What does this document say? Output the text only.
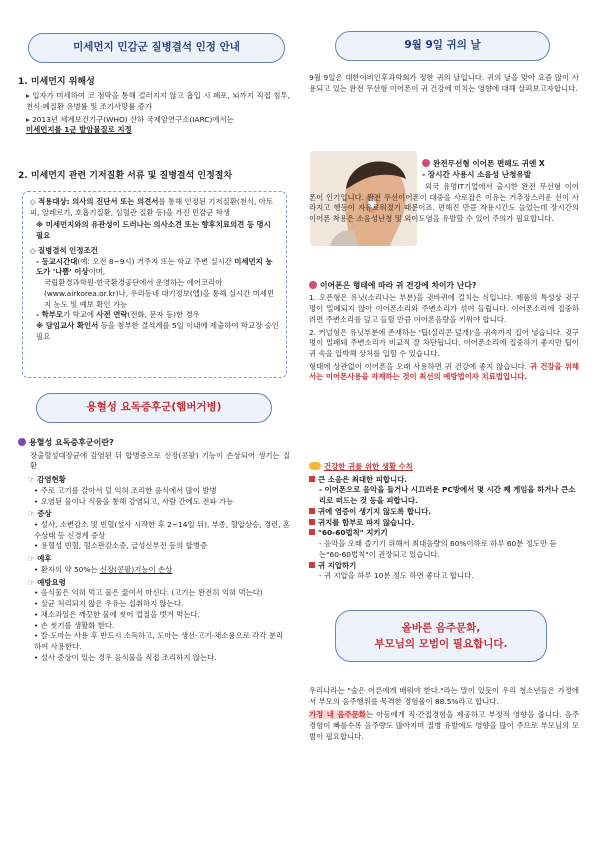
미세먼지 민감군 질병결석 인정 안내
1. 미세먼지 위해성
▸ 입자가 미세하여 코 점막을 통해 걸러지지 않고 흡입 시 폐포, 뇌까지 직접 침투, 천식·폐질환 유병률 및 조기사망률 증가
▸ 2013년 세계보건기구(WHO) 산하 국제암연구소(IARC)에서는
미세먼지를 1군 발암물질로 지정
2. 미세먼지 관련 기저질환 서류 및 질병결석 인정절차
◇ 적용대상: 의사의 진단서 또는 의견서를 통해 인정된 기저질환(천식, 아토피, 알레르기, 호흡기질환, 심혈관 질환 등)을 가진 민감군 학생
※ 미세먼지와의 유관성이 드러나는 의사소견 또는 향후치료의견 등 명시 필요
◇ 질병결석 인정조건
- 등교시간대(예: 오전 8~9시) 거주지 또는 학교 주변 실시간 미세먼지 농도가 '나쁨' 이상이며,
국립환경과학원·한국환경공단에서 운영하는 에어코리아(www.airkorea.or.kr)나, 우리동네 대기정보(앱)을 통해 실시간 미세먼지 농도 및 예보 확인 가능
- 학부모가 학교에 사전 연락(전화, 문자 등)한 경우
※ 담임교사 확인서 등을 첨부한 결석계를 5일 이내에 제출하여 학교장 승인 필요
용혈성 요독증후군(햄버거병)
용혈성 요독증후군이란?
장출혈성대장균에 감염된 뒤 합병증으로 신장(콩팥) 기능이 손상되어 생기는 질환
☞ 감염현황
• 주로 고기를 갈아서 덜 익혀 조리한 음식에서 많이 발병
• 오염된 물이나 식품을 통해 감염되고, 사람 간에도 전파 가능
☞ 증상
• 설사, 소변감소 및 빈혈(설사 시작한 후 2~14일 뒤), 부종, 혈압상승, 경련, 혼수상태 등 신경계 증상
• 용혈성 빈혈, 혈소판감소증, 급성신부전 등의 합병증
☞ 예후
• 환자의 약 50%는 신장(콩팥)기능이 손상
☞ 예방요령
• 음식물은 익혀 먹고 물은 끓여서 마신다. (고기는 완전히 익혀 먹는다)
• 살균 처리되지 않은 우유는 섭취하지 않는다.
• 채소과일은 깨끗한 물에 씻어 껍질을 벗겨 먹는다.
• 손 씻기를 생활화 한다.
• 칼·도마는 사용 후 반드시 소독하고, 도마는 생선·고기·채소용으로 각각 분리하여 사용한다.
• 설사 증상이 있는 경우 음식물을 직접 조리하지 않는다.
9월 9일 귀의 날
9월 9일은 대한이비인후과학회가 정한 귀의 날입니다. 귀의 날을 맞아 요즘 많이 사용되고 있는 완전 무선형 이어폰이 귀 건강에 미치는 영향에 대해 살펴보고자합니다.
완전무선형 이어폰 편해도 귀엔 X
- 장시간 사용시 소음성 난청유발
외국 유명IT기업에서 출시한 완전 무선형 이어폰이 인기입니다. 완전 무선이어폰이 대중을 사로잡은 이유는 거추장스러운 선이 사라지고 행동이 자유로워졌기 때문이죠. 편해진 만큼 착용시간도 늘었는데 장시간의 이어폰 착용은 소음성난청 및 외이도염을 유발할 수 있어 주의가 필요합니다.
이어폰은 형태에 따라 귀 건강에 차이가 난다?
1. 오픈형은 유닛(소리나는 부분)을 귓바퀴에 걸치는 식입니다. 제품의 특성상 귓구멍이 밀폐되지 않아 이어폰소리와 주변소리가 섞여 들립니다. 이어폰소리에 집중하려면 주변소리를 덮고 들릴 만큼 이어폰음량을 키워야 합니다.
2. 커널형은 유닛부분에 존재하는 '팁(실리콘 덮개)'을 귀속까지 집어 넣습니다. 귓구멍이 밀폐돼 주변소리가 비교적 잘 차단됩니다. 이어폰소리에 집중하기 좋지만 팁이 귀 속을 압박해 상처를 입힐 수 있습니다.
형태에 상관없이 이어폰을 오래 사용하면 귀 건강에 좋지 않습니다. 귀 건강을 위해서는 이어폰사용을 자제하는 것이 최선의 예방법이자 치료법입니다.
건강한 귀를 위한 생활 수칙
큰 소음은 최대한 피합니다.
- 이어폰으로 음악을 들거나 시끄러운 PC방에서 몇 시간 째 게임을 하거나 큰소리로 떠드는 것 등을 피합니다.
귀에 염증이 생기지 않도록 합니다.
귀지를 함부로 파지 않습니다.
"60-60법칙" 지키기
- 음악을 오래 즐기기 위해서 최대음량의 60%이하로 하루 60분 정도만 듣는"60-60법칙"이 권장되고 있습니다.
귀 지압하기
- 귀 지압을 하루 10분 정도 하면 좋다고 합니다.
올바른 음주문화,
부모님의 모범이 필요합니다.
우리나라는 "술은 어른에게 배워야 한다."라는 말이 있듯이 우리 청소년들은 가정에서 부모의 음주행위를 목격한 경험율이 88.5%라고 합니다.
가정 내 음주문화는 아동에게 직·간접경험을 제공하고 부정적 영향을 줍니다. 음주 경험이 빠를수록 음주량도 많아지며 질병 유발에도 영향을 많이 주므로 부모님의 모범이 필요합니다.
